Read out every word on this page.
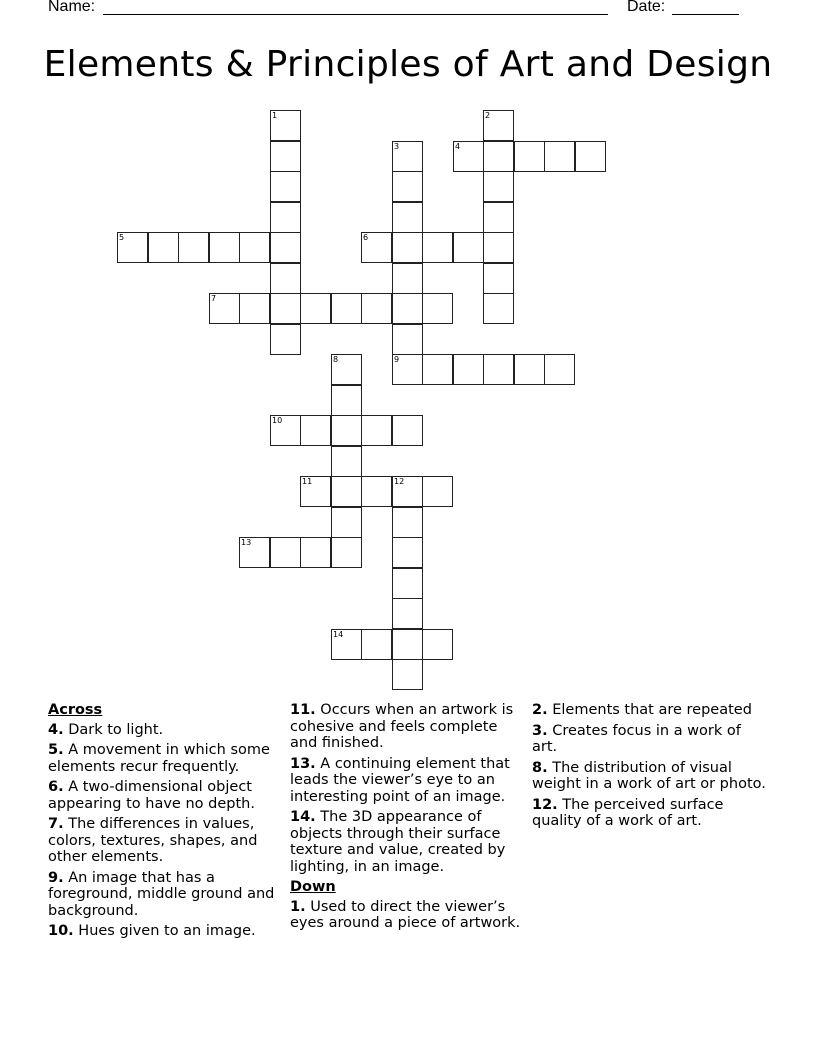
Name:	Date:
Elements & Principles of Art and Design
1	2
3	4
5	6
7
8	9
10
11	12
13
14
Across
4. Dark to light.
5. A movement in which some elements recur frequently.
6. A two-dimensional object appearing to have no depth.
7. The differences in values, colors, textures, shapes, and other elements.
9. An image that has a foreground, middle ground and background.
10. Hues given to an image.
11. Occurs when an artwork is cohesive and feels complete and finished.
13. A continuing element that leads the viewer’s eye to an interesting point of an image.
14. The 3D appearance of objects through their surface texture and value, created by lighting, in an image.
Down
1. Used to direct the viewer’s eyes around a piece of artwork.
2. Elements that are repeated
3. Creates focus in a work of art.
8. The distribution of visual weight in a work of art or photo.
12. The perceived surface quality of a work of art.
